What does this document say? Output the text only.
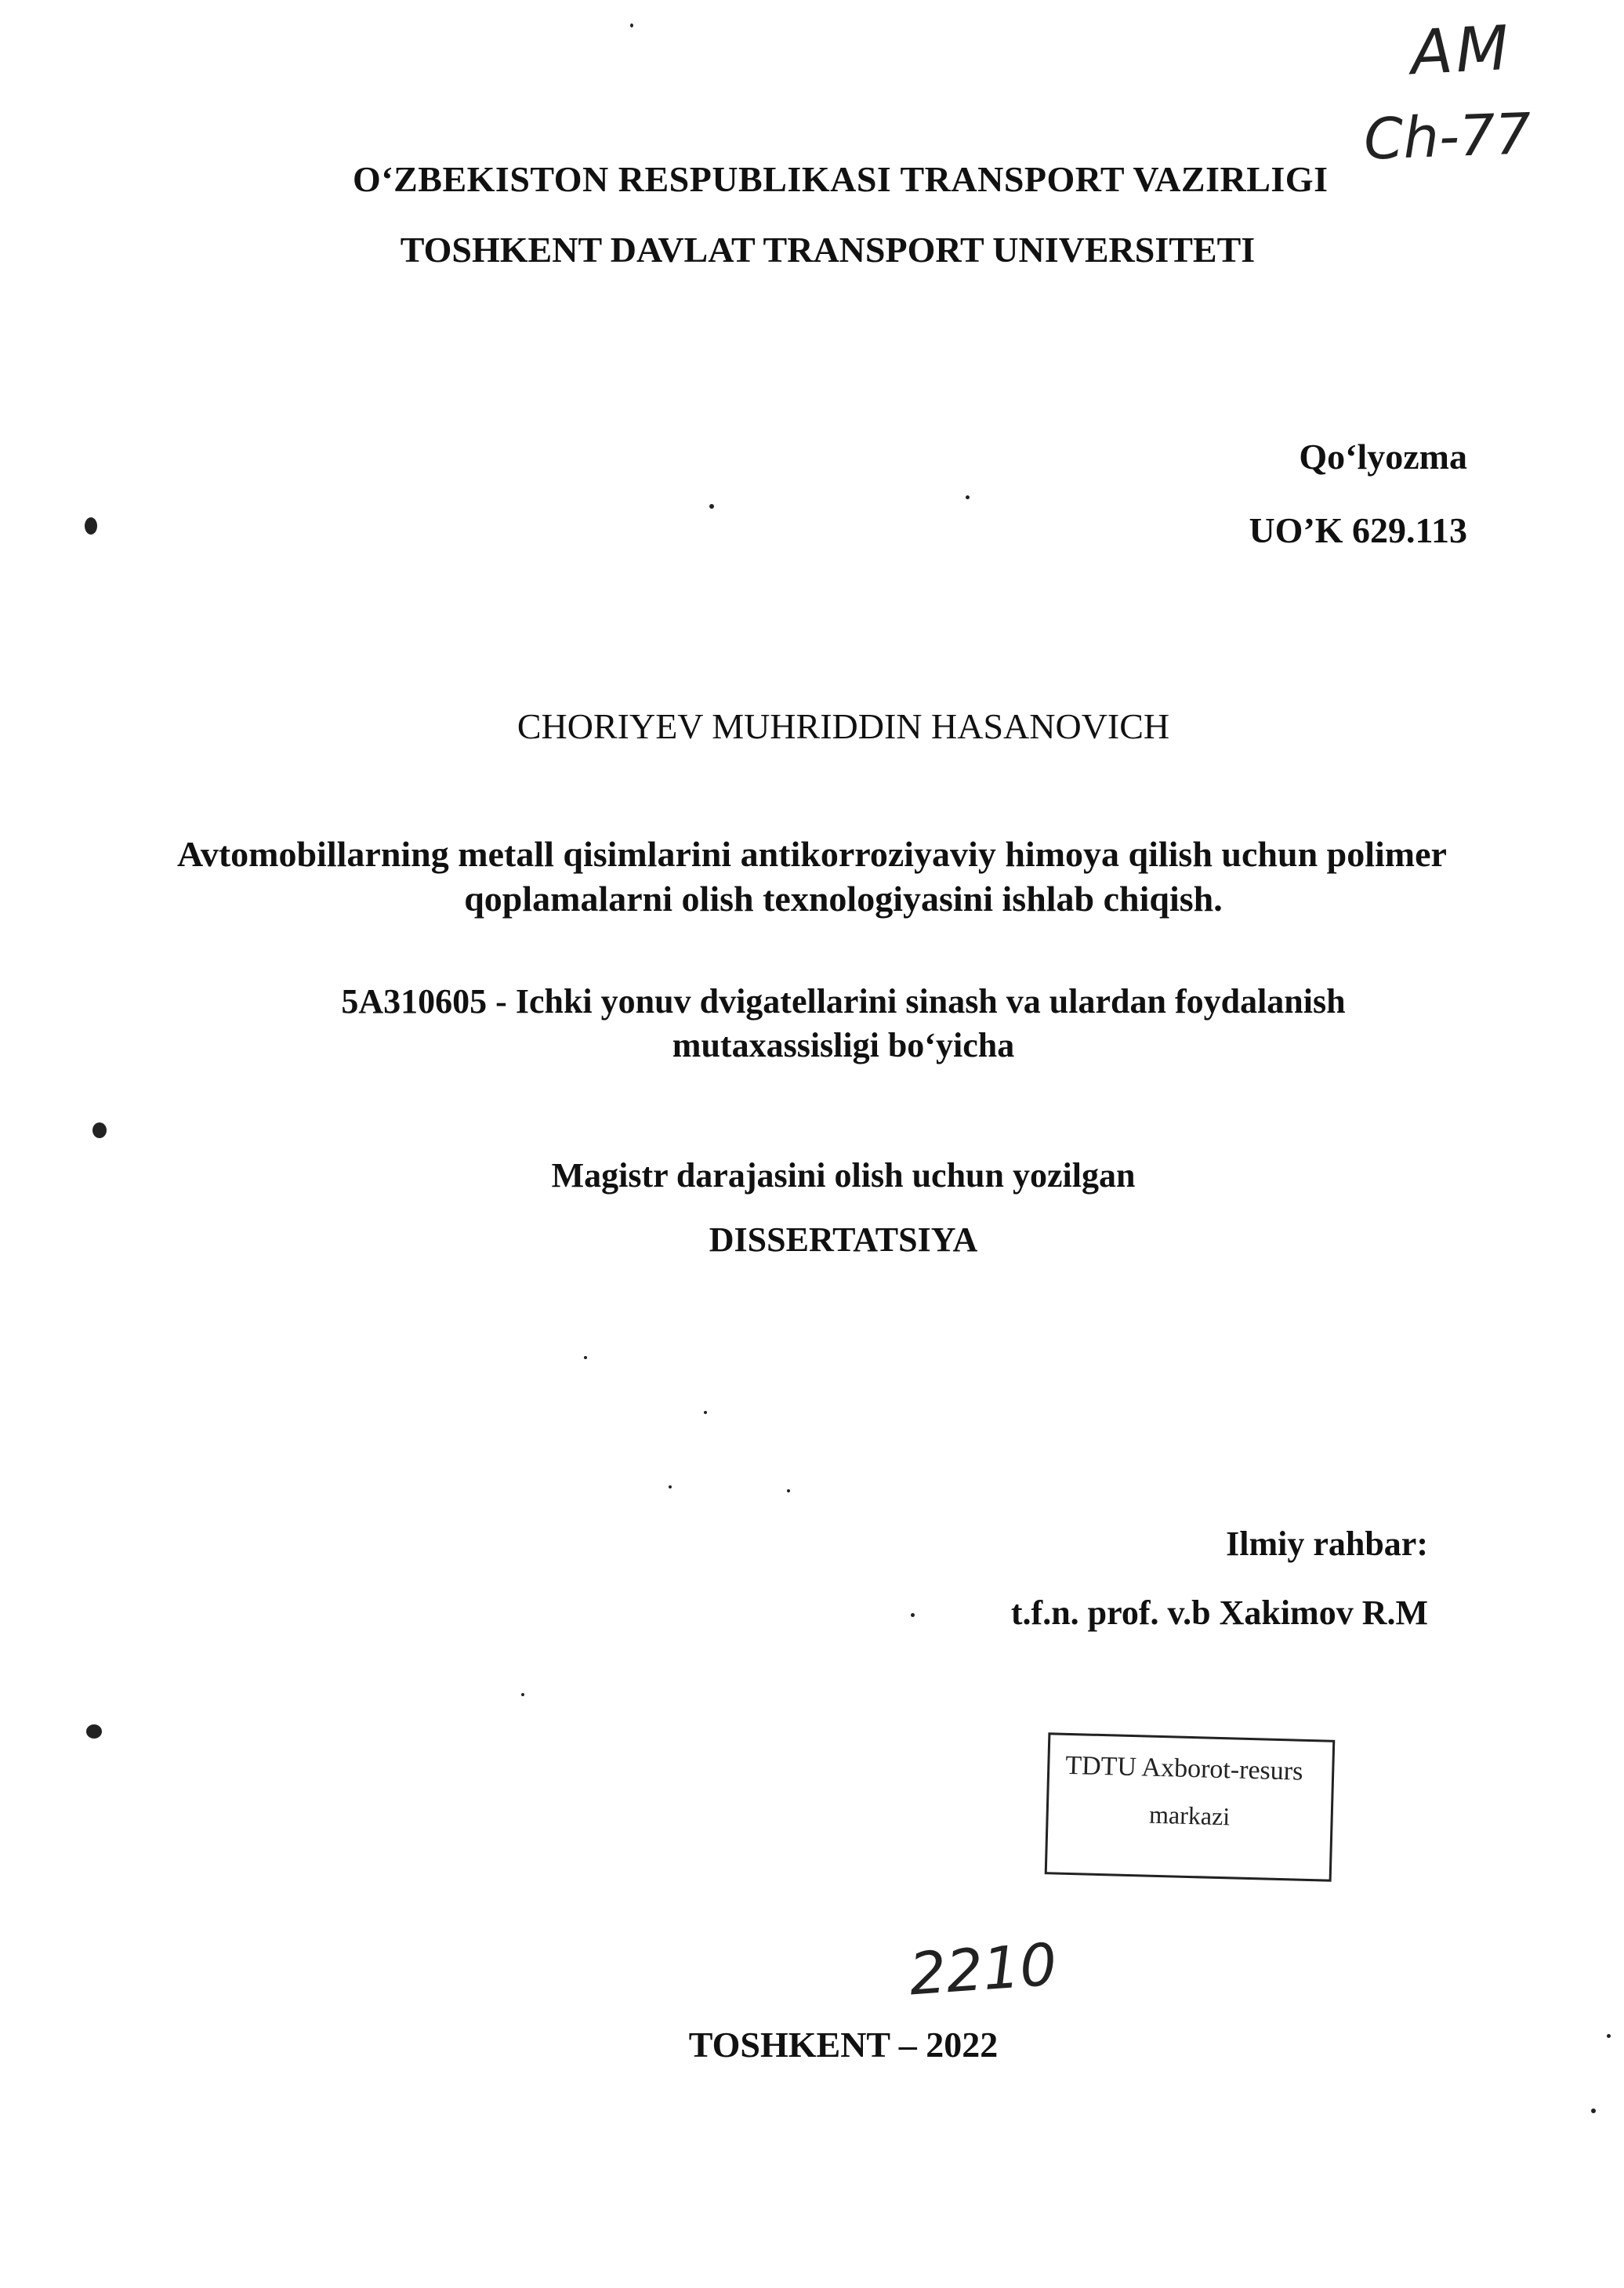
O‘ZBEKISTON RESPUBLIKASI TRANSPORT VAZIRLIGI
TOSHKENT DAVLAT TRANSPORT UNIVERSITETI
AM
Ch-77
Qo‘lyozma
UO’K 629.113
CHORIYEV MUHRIDDIN HASANOVICH
Avtomobillarning metall qisimlarini antikorroziyaviy himoya qilish uchun polimer
qoplamalarni olish texnologiyasini ishlab chiqish.
5A310605 - Ichki yonuv dvigatellarini sinash va ulardan foydalanish
mutaxassisligi bo‘yicha
Magistr darajasini olish uchun yozilgan
DISSERTATSIYA
Ilmiy rahbar:
t.f.n. prof. v.b Xakimov R.M
TDTU Axborot-resurs
markazi
2210
TOSHKENT – 2022
